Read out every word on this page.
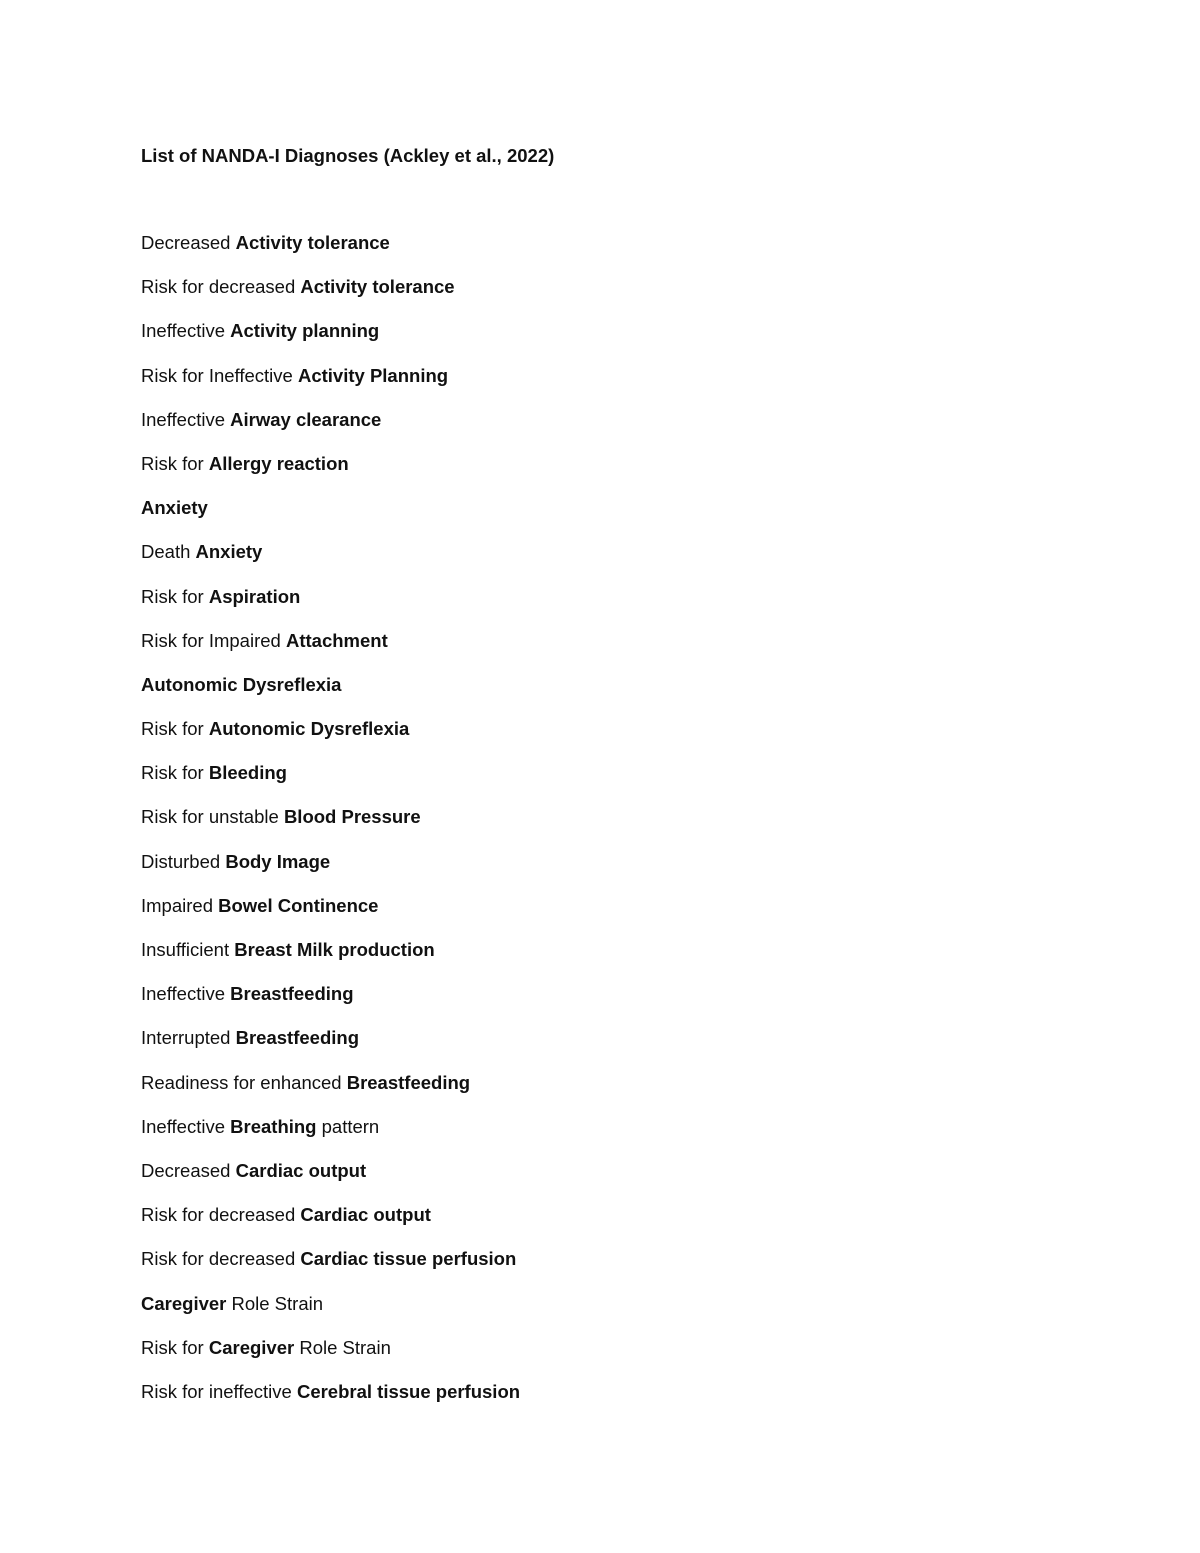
List of NANDA-I Diagnoses (Ackley et al., 2022)
Decreased Activity tolerance
Risk for decreased Activity tolerance
Ineffective Activity planning
Risk for Ineffective Activity Planning
Ineffective Airway clearance
Risk for Allergy reaction
Anxiety
Death Anxiety
Risk for Aspiration
Risk for Impaired Attachment
Autonomic Dysreflexia
Risk for Autonomic Dysreflexia
Risk for Bleeding
Risk for unstable Blood Pressure
Disturbed Body Image
Impaired Bowel Continence
Insufficient Breast Milk production
Ineffective Breastfeeding
Interrupted Breastfeeding
Readiness for enhanced Breastfeeding
Ineffective Breathing pattern
Decreased Cardiac output
Risk for decreased Cardiac output
Risk for decreased Cardiac tissue perfusion
Caregiver Role Strain
Risk for Caregiver Role Strain
Risk for ineffective Cerebral tissue perfusion
